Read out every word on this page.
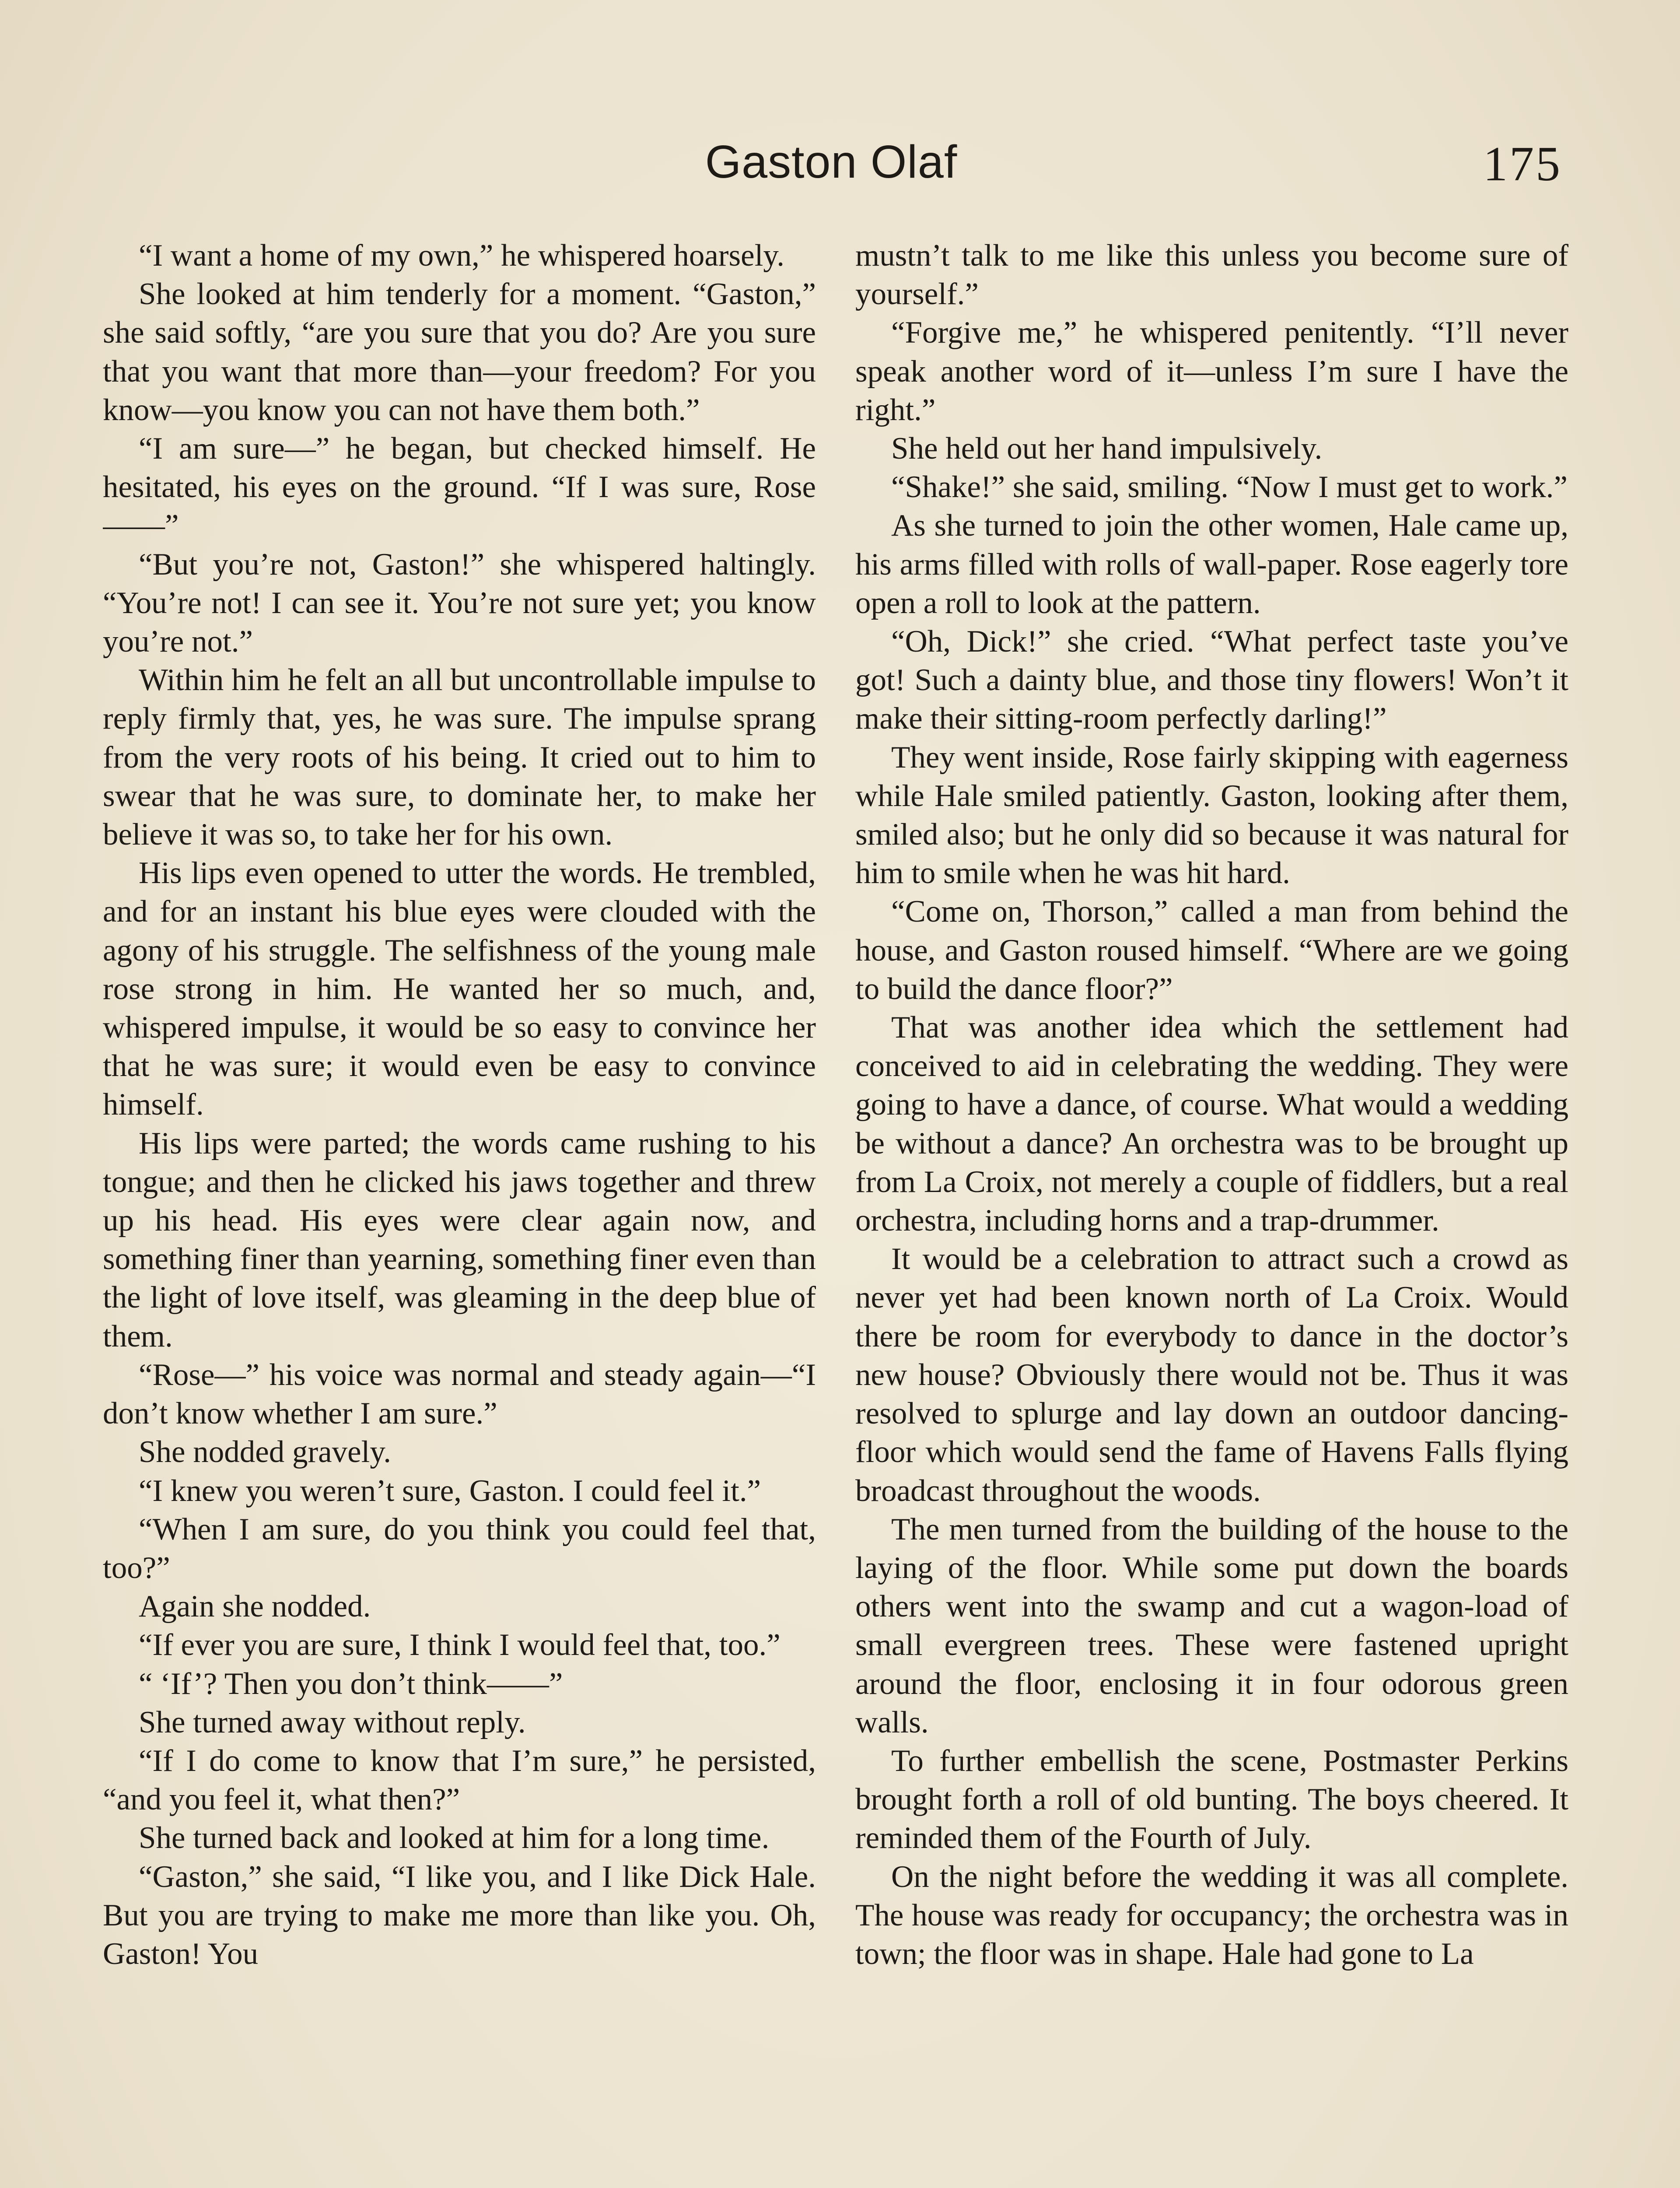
Gaston Olaf	175

“I want a home of my own,” he whispered hoarsely.

She looked at him tenderly for a moment. “Gaston,” she said softly, “are you sure that you do? Are you sure that you want that more than—your freedom? For you know—you know you can not have them both.”

“I am sure—” he began, but checked himself. He hesitated, his eyes on the ground. “If I was sure, Rose——”

“But you’re not, Gaston!” she whispered haltingly. “You’re not! I can see it. You’re not sure yet; you know you’re not.”

Within him he felt an all but uncontrollable impulse to reply firmly that, yes, he was sure. The impulse sprang from the very roots of his being. It cried out to him to swear that he was sure, to dominate her, to make her believe it was so, to take her for his own.

His lips even opened to utter the words. He trembled, and for an instant his blue eyes were clouded with the agony of his struggle. The selfishness of the young male rose strong in him. He wanted her so much, and, whispered impulse, it would be so easy to convince her that he was sure; it would even be easy to convince himself.

His lips were parted; the words came rushing to his tongue; and then he clicked his jaws together and threw up his head. His eyes were clear again now, and something finer than yearning, something finer even than the light of love itself, was gleaming in the deep blue of them.

“Rose—” his voice was normal and steady again—“I don’t know whether I am sure.”

She nodded gravely.

“I knew you weren’t sure, Gaston. I could feel it.”

“When I am sure, do you think you could feel that, too?”

Again she nodded.

“If ever you are sure, I think I would feel that, too.”

“ ‘If’? Then you don’t think——”

She turned away without reply.

“If I do come to know that I’m sure,” he persisted, “and you feel it, what then?”

She turned back and looked at him for a long time.

“Gaston,” she said, “I like you, and I like Dick Hale. But you are trying to make me more than like you. Oh, Gaston! You

mustn’t talk to me like this unless you become sure of yourself.”

“Forgive me,” he whispered penitently. “I’ll never speak another word of it—unless I’m sure I have the right.”

She held out her hand impulsively.

“Shake!” she said, smiling. “Now I must get to work.”

As she turned to join the other women, Hale came up, his arms filled with rolls of wall-paper. Rose eagerly tore open a roll to look at the pattern.

“Oh, Dick!” she cried. “What perfect taste you’ve got! Such a dainty blue, and those tiny flowers! Won’t it make their sitting-room perfectly darling!”

They went inside, Rose fairly skipping with eagerness while Hale smiled patiently. Gaston, looking after them, smiled also; but he only did so because it was natural for him to smile when he was hit hard.

“Come on, Thorson,” called a man from behind the house, and Gaston roused himself. “Where are we going to build the dance floor?”

That was another idea which the settlement had conceived to aid in celebrating the wedding. They were going to have a dance, of course. What would a wedding be without a dance? An orchestra was to be brought up from La Croix, not merely a couple of fiddlers, but a real orchestra, including horns and a trap-drummer.

It would be a celebration to attract such a crowd as never yet had been known north of La Croix. Would there be room for everybody to dance in the doctor’s new house? Obviously there would not be. Thus it was resolved to splurge and lay down an outdoor dancing-floor which would send the fame of Havens Falls flying broadcast throughout the woods.

The men turned from the building of the house to the laying of the floor. While some put down the boards others went into the swamp and cut a wagon-load of small evergreen trees. These were fastened upright around the floor, enclosing it in four odorous green walls.

To further embellish the scene, Postmaster Perkins brought forth a roll of old bunting. The boys cheered. It reminded them of the Fourth of July.

On the night before the wedding it was all complete. The house was ready for occupancy; the orchestra was in town; the floor was in shape. Hale had gone to La
